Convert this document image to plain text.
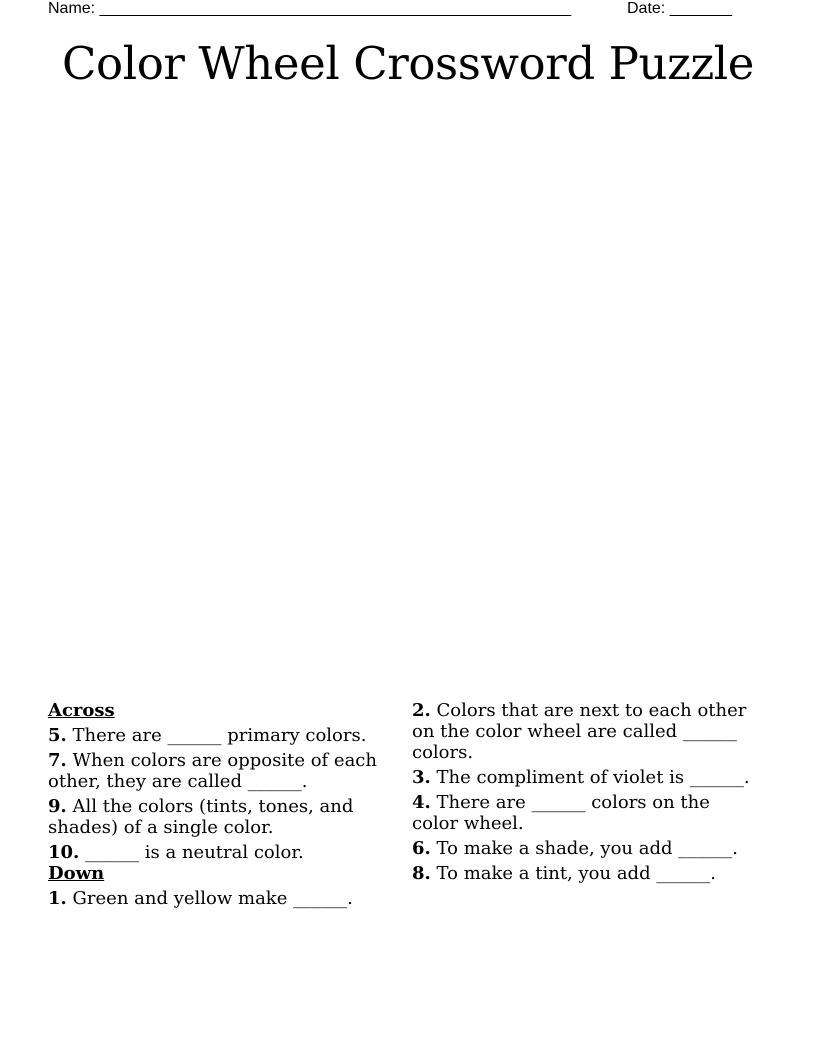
Name: _____________________________________________________	Date: _______
Color Wheel Crossword Puzzle
Across
5. There are ______ primary colors.
7. When colors are opposite of each other, they are called ______.
9. All the colors (tints, tones, and shades) of a single color.
10. ______ is a neutral color.
Down
1. Green and yellow make ______.
2. Colors that are next to each other on the color wheel are called ______ colors.
3. The compliment of violet is ______.
4. There are ______ colors on the color wheel.
6. To make a shade, you add ______.
8. To make a tint, you add ______.
